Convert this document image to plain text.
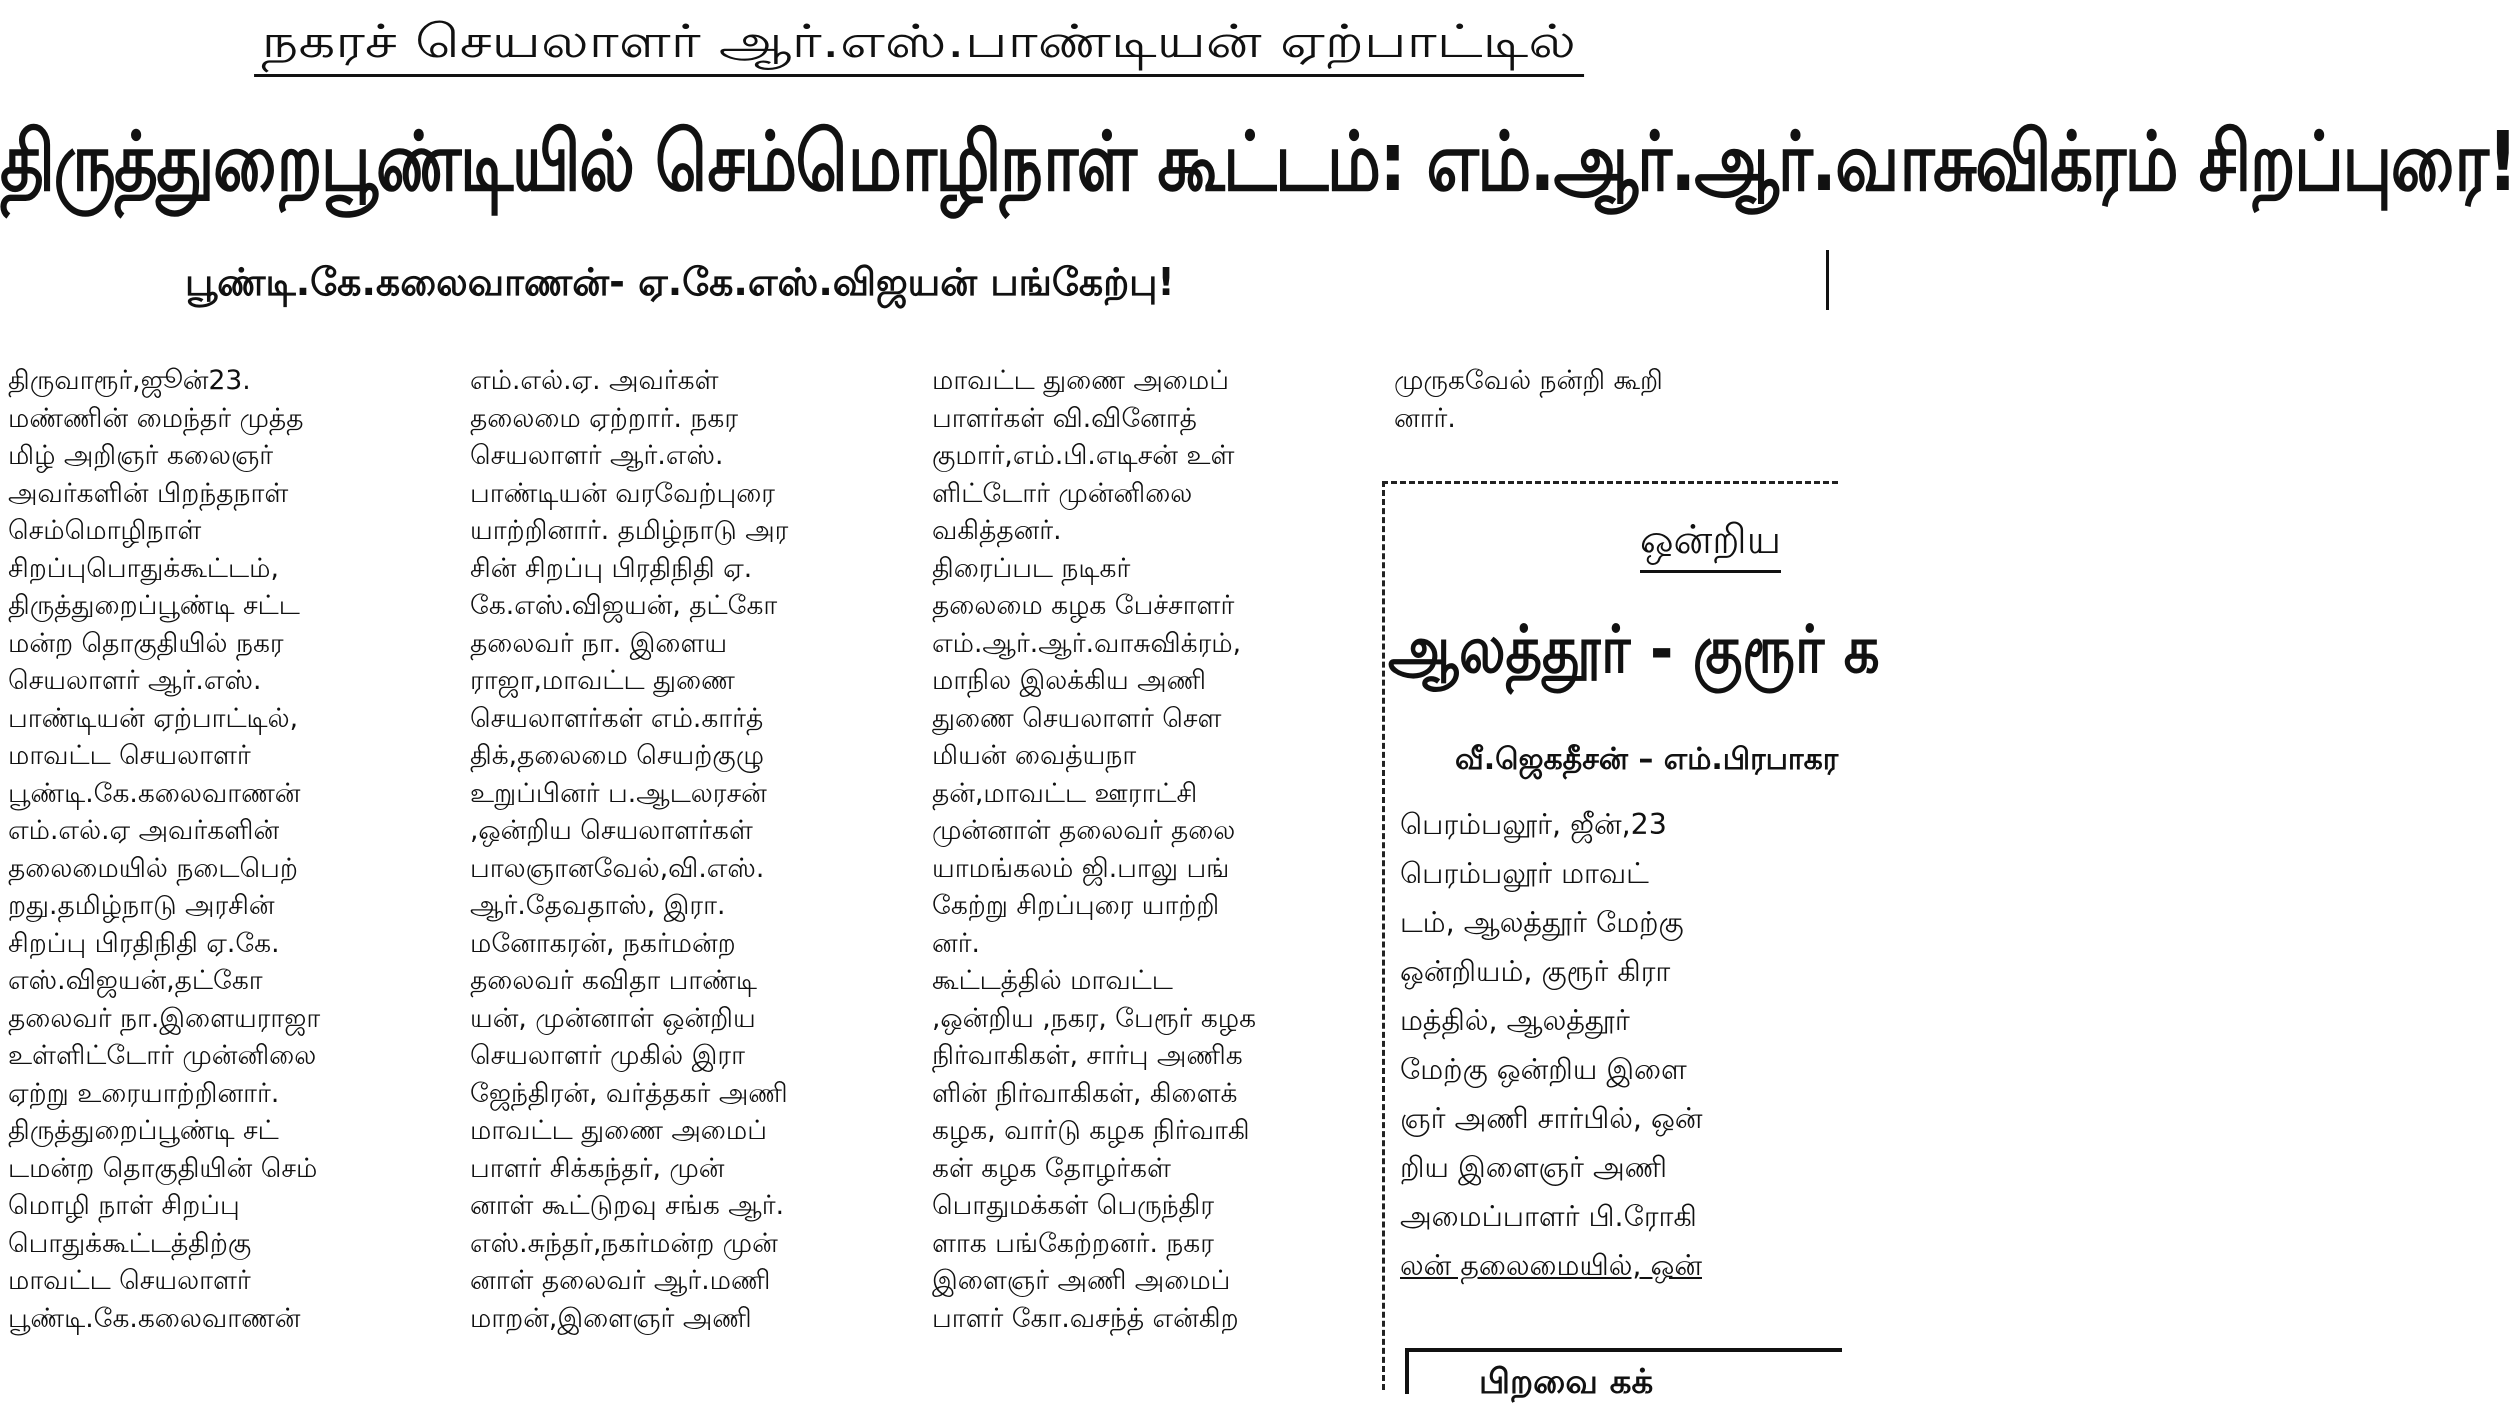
நகரச் செயலாளர் ஆர்.எஸ்.பாண்டியன் ஏற்பாட்டில்
திருத்துறைபூண்டியில் செம்மொழிநாள் கூட்டம்: எம்.ஆர்.ஆர்.வாசுவிக்ரம் சிறப்புரை!
பூண்டி.கே.கலைவாணன்- ஏ.கே.எஸ்.விஜயன் பங்கேற்பு!
திருவாரூர்,ஜூன்23.
மண்ணின் மைந்தர் முத்த
மிழ் அறிஞர் கலைஞர்
அவர்களின் பிறந்தநாள்
செம்மொழிநாள்
சிறப்புபொதுக்கூட்டம்,
திருத்துறைப்பூண்டி சட்ட
மன்ற தொகுதியில் நகர
செயலாளர் ஆர்.எஸ்.
பாண்டியன் ஏற்பாட்டில்,
மாவட்ட செயலாளர்
பூண்டி.கே.கலைவாணன்
எம்.எல்.ஏ அவர்களின்
தலைமையில் நடைபெற்
றது.தமிழ்நாடு அரசின்
சிறப்பு பிரதிநிதி ஏ.கே.
எஸ்.விஜயன்,தட்கோ
தலைவர் நா.இளையராஜா
உள்ளிட்டோர் முன்னிலை
ஏற்று உரையாற்றினார்.
திருத்துறைப்பூண்டி சட்
டமன்ற தொகுதியின் செம்
மொழி நாள் சிறப்பு
பொதுக்கூட்டத்திற்கு
மாவட்ட செயலாளர்
பூண்டி.கே.கலைவாணன்
எம்.எல்.ஏ. அவர்கள்
தலைமை ஏற்றார். நகர
செயலாளர் ஆர்.எஸ்.
பாண்டியன் வரவேற்புரை
யாற்றினார். தமிழ்நாடு அர
சின் சிறப்பு பிரதிநிதி ஏ.
கே.எஸ்.விஜயன், தட்கோ
தலைவர் நா. இளைய
ராஜா,மாவட்ட துணை
செயலாளர்கள் எம்.கார்த்
திக்,தலைமை செயற்குழு
உறுப்பினர் ப.ஆடலரசன்
,ஒன்றிய செயலாளர்கள்
பாலஞானவேல்,வி.எஸ்.
ஆர்.தேவதாஸ், இரா.
மனோகரன், நகர்மன்ற
தலைவர் கவிதா பாண்டி
யன், முன்னாள் ஒன்றிய
செயலாளர் முகில் இரா
ஜேந்திரன், வர்த்தகர் அணி
மாவட்ட துணை அமைப்
பாளர் சிக்கந்தர், முன்
னாள் கூட்டுறவு சங்க ஆர்.
எஸ்.சுந்தர்,நகர்மன்ற முன்
னாள் தலைவர் ஆர்.மணி
மாறன்,இளைஞர் அணி
மாவட்ட துணை அமைப்
பாளர்கள் வி.வினோத்
குமார்,எம்.பி.எடிசன் உள்
ளிட்டோர் முன்னிலை
வகித்தனர்.
திரைப்பட நடிகர்
தலைமை கழக பேச்சாளர்
எம்.ஆர்.ஆர்.வாசுவிக்ரம்,
மாநில இலக்கிய அணி
துணை செயலாளர் சௌ
மியன் வைத்யநா
தன்,மாவட்ட ஊராட்சி
முன்னாள் தலைவர் தலை
யாமங்கலம் ஜி.பாலு பங்
கேற்று சிறப்புரை யாற்றி
னர்.
கூட்டத்தில் மாவட்ட
,ஒன்றிய ,நகர, பேரூர் கழக
நிர்வாகிகள், சார்பு அணிக
ளின் நிர்வாகிகள், கிளைக்
கழக, வார்டு கழக நிர்வாகி
கள் கழக தோழர்கள்
பொதுமக்கள் பெருந்திர
ளாக பங்கேற்றனர். நகர
இளைஞர் அணி அமைப்
பாளர் கோ.வசந்த் என்கிற
முருகவேல் நன்றி கூறி
னார்.
ஒன்றிய
ஆலத்தூர் - குரூர் க
வீ.ஜெகதீசன் – எம்.பிரபாகர
பெரம்பலூர், ஜீன்,23
பெரம்பலூர் மாவட்
டம், ஆலத்தூர் மேற்கு
ஒன்றியம், குரூர் கிரா
மத்தில், ஆலத்தூர்
மேற்கு ஒன்றிய இளை
ஞர் அணி சார்பில், ஒன்
றிய இளைஞர் அணி
அமைப்பாளர் பி.ரோகி
லன் தலைமையில், ஒன்
பிறவை கக்
